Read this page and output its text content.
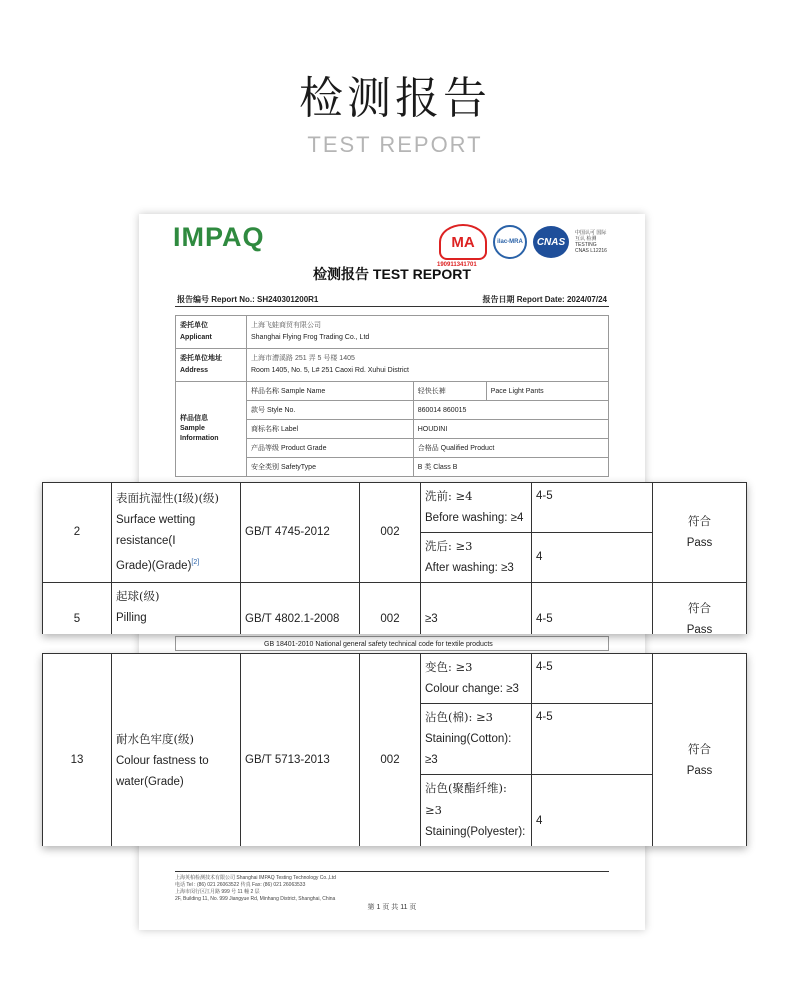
检测报告
TEST REPORT
IMPAQ	MA
190911341701
ilac-MRA	CNAS
中国认可 国际互认 检测 TESTING CNAS L12216
检测报告 TEST REPORT
报告编号 Report No.: SH240301200R1	报告日期 Report Date: 2024/07/24
委托单位
Applicant	上海飞蛙商贸有限公司
Shanghai Flying Frog Trading Co., Ltd		
委托单位地址
Address	上海市漕溪路 251 弄 5 号楼 1405
Room 1405, No. 5, L# 251 Caoxi Rd. Xuhui District		
样品信息
Sample
Information	样品名称 Sample Name	轻快长裤	Pace Light Pants
	款号 Style No.	860014 860015	
	商标名称 Label	HOUDINI	
	产品等级 Product Grade	合格品 Qualified Product	
	安全类别 SafetyType	B 类 Class B	
GB 18401-2010 National general safety technical code for textile products
上海英柏检测技术有限公司 Shanghai IMPAQ Testing Technology Co.,Ltd
电话 Tel : (86) 021 26063522 传真 Fax: (86) 021 26063533
上海市闵行区江月路 999 号 11 幢 2 层
2F, Building 11, No. 999 Jiangyue Rd, Minhang District, Shanghai, China
第 1 页 共 11 页
2	表面抗湿性(Ⅰ级)(级)
Surface wetting
resistance(Ⅰ
Grade)(Grade)[2]	GB/T 4745-2012	002	洗前: ≥4
Before washing: ≥4	4-5	符合
Pass
				洗后: ≥3
After washing: ≥3	4	
5	起球(级)
Pilling	GB/T 4802.1-2008	002	≥3	4-5	符合
Pass
13	耐水色牢度(级)
Colour fastness to
water(Grade)	GB/T 5713-2013	002	变色: ≥3
Colour change: ≥3	4-5	符合
Pass
				沾色(棉): ≥3
Staining(Cotton): ≥3	4-5	
				沾色(聚酯纤维): ≥3
Staining(Polyester):	4	
